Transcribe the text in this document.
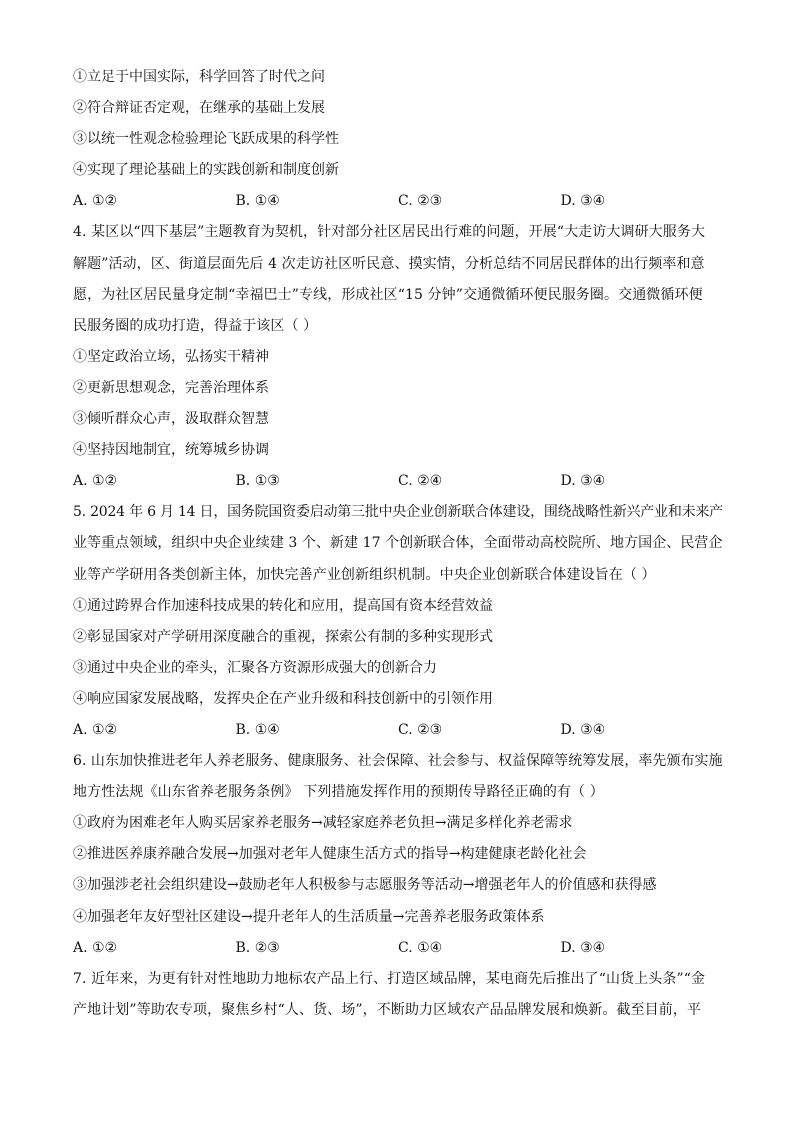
①立足于中国实际，科学回答了时代之问
②符合辩证否定观，在继承的基础上发展
③以统一性观念检验理论飞跃成果的科学性
④实现了理论基础上的实践创新和制度创新
A. ①②	B. ①④	C. ②③	D. ③④
4. 某区以“四下基层”主题教育为契机，针对部分社区居民出行难的问题，开展“大走访大调研大服务大
解题”活动，区、街道层面先后 4 次走访社区听民意、摸实情，分析总结不同居民群体的出行频率和意
愿，为社区居民量身定制“幸福巴士”专线，形成社区“15 分钟”交通微循环便民服务圈。交通微循环便
民服务圈的成功打造，得益于该区（ ）
①坚定政治立场，弘扬实干精神
②更新思想观念，完善治理体系
③倾听群众心声，汲取群众智慧
④坚持因地制宜，统筹城乡协调
A. ①②	B. ①③	C. ②④	D. ③④
5. 2024 年 6 月 14 日，国务院国资委启动第三批中央企业创新联合体建设，围绕战略性新兴产业和未来产
业等重点领域，组织中央企业续建 3 个、新建 17 个创新联合体，全面带动高校院所、地方国企、民营企
业等产学研用各类创新主体，加快完善产业创新组织机制。中央企业创新联合体建设旨在（ ）
①通过跨界合作加速科技成果的转化和应用，提高国有资本经营效益
②彰显国家对产学研用深度融合的重视，探索公有制的多种实现形式
③通过中央企业的牵头，汇聚各方资源形成强大的创新合力
④响应国家发展战略，发挥央企在产业升级和科技创新中的引领作用
A. ①②	B. ①④	C. ②③	D. ③④
6. 山东加快推进老年人养老服务、健康服务、社会保障、社会参与、权益保障等统筹发展，率先颁布实施
地方性法规《山东省养老服务条例》 下列措施发挥作用的预期传导路径正确的有（ ）
①政府为困难老年人购买居家养老服务→减轻家庭养老负担→满足多样化养老需求
②推进医养康养融合发展→加强对老年人健康生活方式的指导→构建健康老龄化社会
③加强涉老社会组织建设→鼓励老年人积极参与志愿服务等活动→增强老年人的价值感和获得感
④加强老年友好型社区建设→提升老年人的生活质量→完善养老服务政策体系
A. ①②	B. ②③	C. ①④	D. ③④
7. 近年来，为更有针对性地助力地标农产品上行、打造区域品牌，某电商先后推出了“山货上头条”“金
产地计划”等助农专项，聚焦乡村“人、货、场”，不断助力区域农产品品牌发展和焕新。截至目前，平
